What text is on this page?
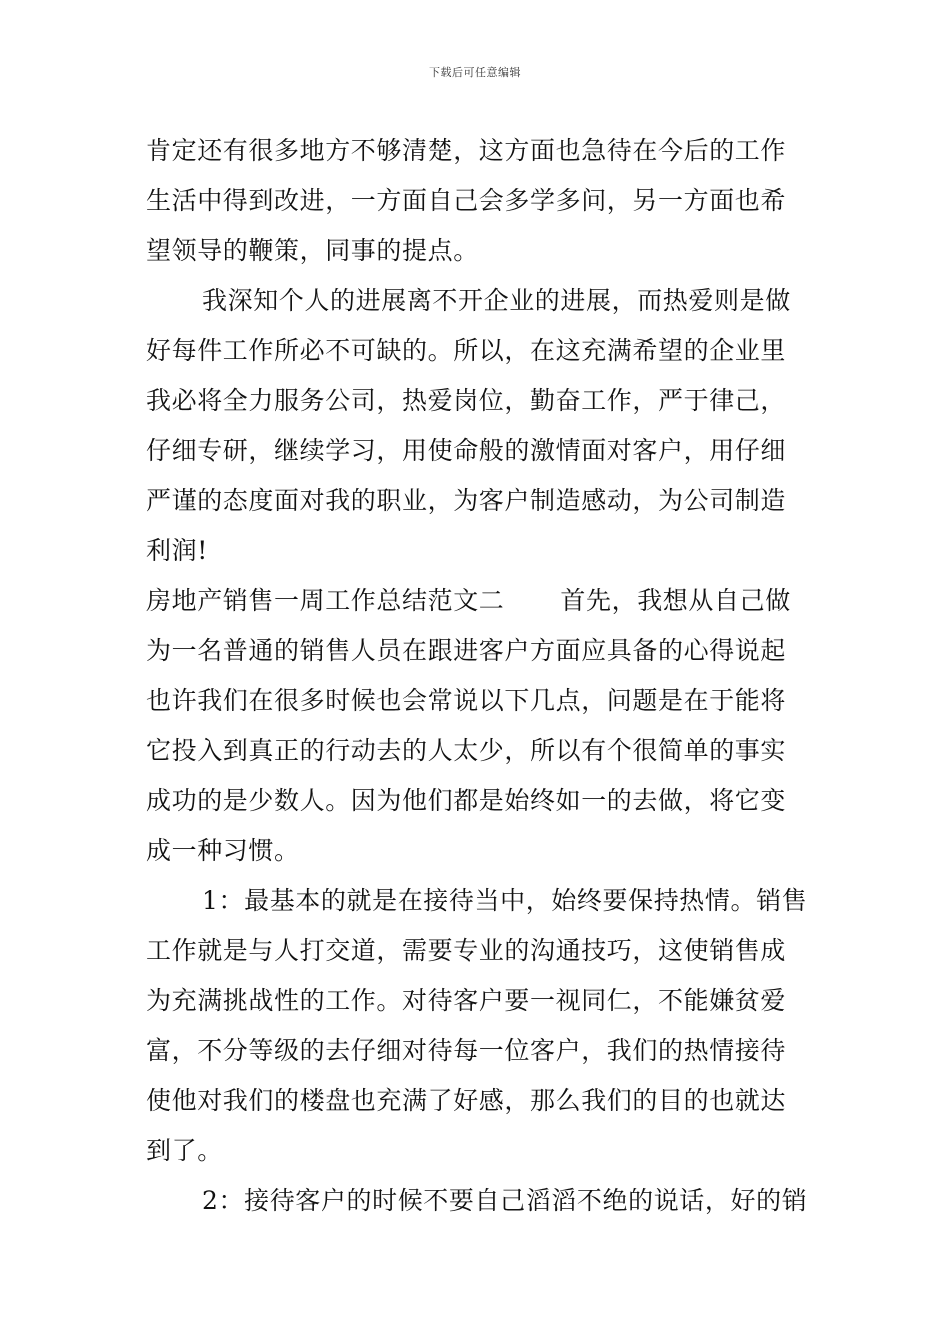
下载后可任意编辑
肯定还有很多地方不够清楚，这方面也急待在今后的工作
生活中得到改进，一方面自己会多学多问，另一方面也希
望领导的鞭策，同事的提点。
我深知个人的进展离不开企业的进展，而热爱则是做
好每件工作所必不可缺的。所以，在这充满希望的企业里
我必将全力服务公司，热爱岗位，勤奋工作，严于律己，
仔细专研，继续学习，用使命般的激情面对客户，用仔细
严谨的态度面对我的职业，为客户制造感动，为公司制造
利润!
房地产销售一周工作总结范文二 首先，我想从自己做
为一名普通的销售人员在跟进客户方面应具备的心得说起
也许我们在很多时候也会常说以下几点，问题是在于能将
它投入到真正的行动去的人太少，所以有个很简单的事实
成功的是少数人。因为他们都是始终如一的去做，将它变
成一种习惯。
1：最基本的就是在接待当中，始终要保持热情。销售
工作就是与人打交道，需要专业的沟通技巧，这使销售成
为充满挑战性的工作。对待客户要一视同仁，不能嫌贫爱
富，不分等级的去仔细对待每一位客户，我们的热情接待
使他对我们的楼盘也充满了好感，那么我们的目的也就达
到了。
2：接待客户的时候不要自己滔滔不绝的说话，好的销
